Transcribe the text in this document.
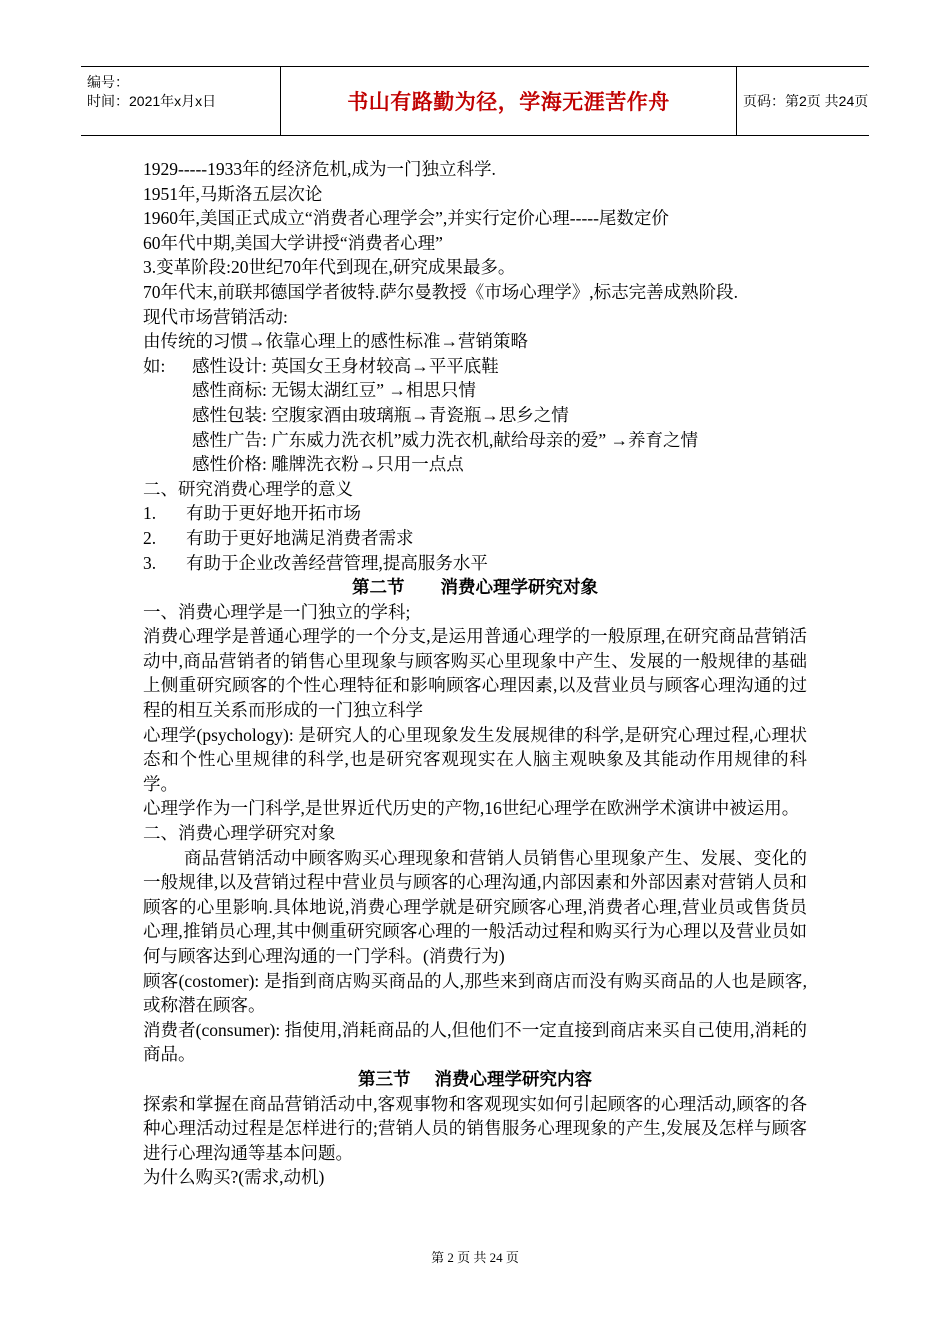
编号：
时间：2021年x月x日	书山有路勤为径，学海无涯苦作舟	页码：第2页 共24页

1929-----1933年的经济危机,成为一门独立科学.

1951年,马斯洛五层次论

1960年,美国正式成立“消费者心理学会”,并实行定价心理-----尾数定价

60年代中期,美国大学讲授“消费者心理”

3.变革阶段:20世纪70年代到现在,研究成果最多。

70年代末,前联邦德国学者彼特.萨尔曼教授《市场心理学》,标志完善成熟阶段.

现代市场营销活动:

由传统的习惯→依靠心理上的感性标准→营销策略

如: 感性设计: 英国女王身材较高→平平底鞋

感性商标: 无锡太湖红豆” →相思只情

感性包装: 空腹家酒由玻璃瓶→青瓷瓶→思乡之情

感性广告: 广东威力洗衣机”威力洗衣机,献给母亲的爱” →养育之情

感性价格: 雕牌洗衣粉→只用一点点

二、研究消费心理学的意义

1. 有助于更好地开拓市场

2. 有助于更好地满足消费者需求

3. 有助于企业改善经营管理,提高服务水平

第二节 消费心理学研究对象

一、消费心理学是一门独立的学科;

消费心理学是普通心理学的一个分支,是运用普通心理学的一般原理,在研究商品营销活动中,商品营销者的销售心里现象与顾客购买心里现象中产生、发展的一般规律的基础上侧重研究顾客的个性心理特征和影响顾客心理因素,以及营业员与顾客心理沟通的过程的相互关系而形成的一门独立科学

心理学(psychology): 是研究人的心里现象发生发展规律的科学,是研究心理过程,心理状态和个性心里规律的科学,也是研究客观现实在人脑主观映象及其能动作用规律的科学。

心理学作为一门科学,是世界近代历史的产物,16世纪心理学在欧洲学术演讲中被运用。

二、消费心理学研究对象

商品营销活动中顾客购买心理现象和营销人员销售心里现象产生、发展、变化的一般规律,以及营销过程中营业员与顾客的心理沟通,内部因素和外部因素对营销人员和顾客的心里影响.具体地说,消费心理学就是研究顾客心理,消费者心理,营业员或售货员心理,推销员心理,其中侧重研究顾客心理的一般活动过程和购买行为心理以及营业员如何与顾客达到心理沟通的一门学科。(消费行为)

顾客(costomer): 是指到商店购买商品的人,那些来到商店而没有购买商品的人也是顾客,或称潜在顾客。

消费者(consumer): 指使用,消耗商品的人,但他们不一定直接到商店来买自己使用,消耗的商品。

第三节 消费心理学研究内容

探索和掌握在商品营销活动中,客观事物和客观现实如何引起顾客的心理活动,顾客的各种心理活动过程是怎样进行的;营销人员的销售服务心理现象的产生,发展及怎样与顾客进行心理沟通等基本问题。

为什么购买?(需求,动机)

第 2 页 共 24 页
